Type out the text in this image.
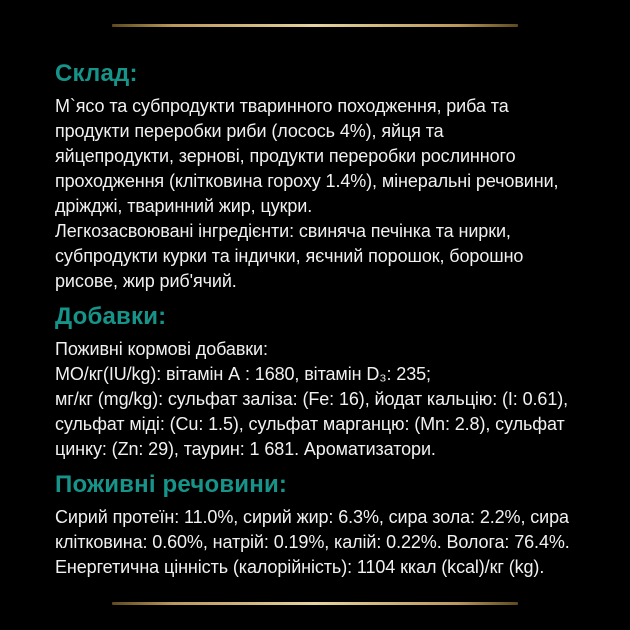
Склад:
М`ясо та субпродукти тваринного походження, риба та
продукти переробки риби (лосось 4%), яйця та
яйцепродукти, зернові, продукти переробки рослинного
проходження (клітковина гороху 1.4%), мінеральні речовини,
дріжджі, тваринний жир, цукри.
Легкозасвоювані інгредієнти: свиняча печінка та нирки,
субпродукти курки та індички, яєчний порошок, борошно
рисове, жир риб'ячий.
Добавки:
Поживні кормові добавки:
МО/кг(IU/kg): вітамін А : 1680, вітамін D₃: 235;
мг/кг (mg/kg): сульфат заліза: (Fe: 16), йодат кальцію: (I: 0.61),
сульфат міді: (Cu: 1.5), сульфат марганцю: (Mn: 2.8), сульфат
цинку: (Zn: 29), таурин: 1 681. Ароматизатори.
Поживні речовини:
Сирий протеїн: 11.0%, сирий жир: 6.3%, сира зола: 2.2%, сира
клітковина: 0.60%, натрій: 0.19%, калій: 0.22%. Волога: 76.4%.
Енергетична цінність (калорійність): 1104 ккал (kcal)/кг (kg).
